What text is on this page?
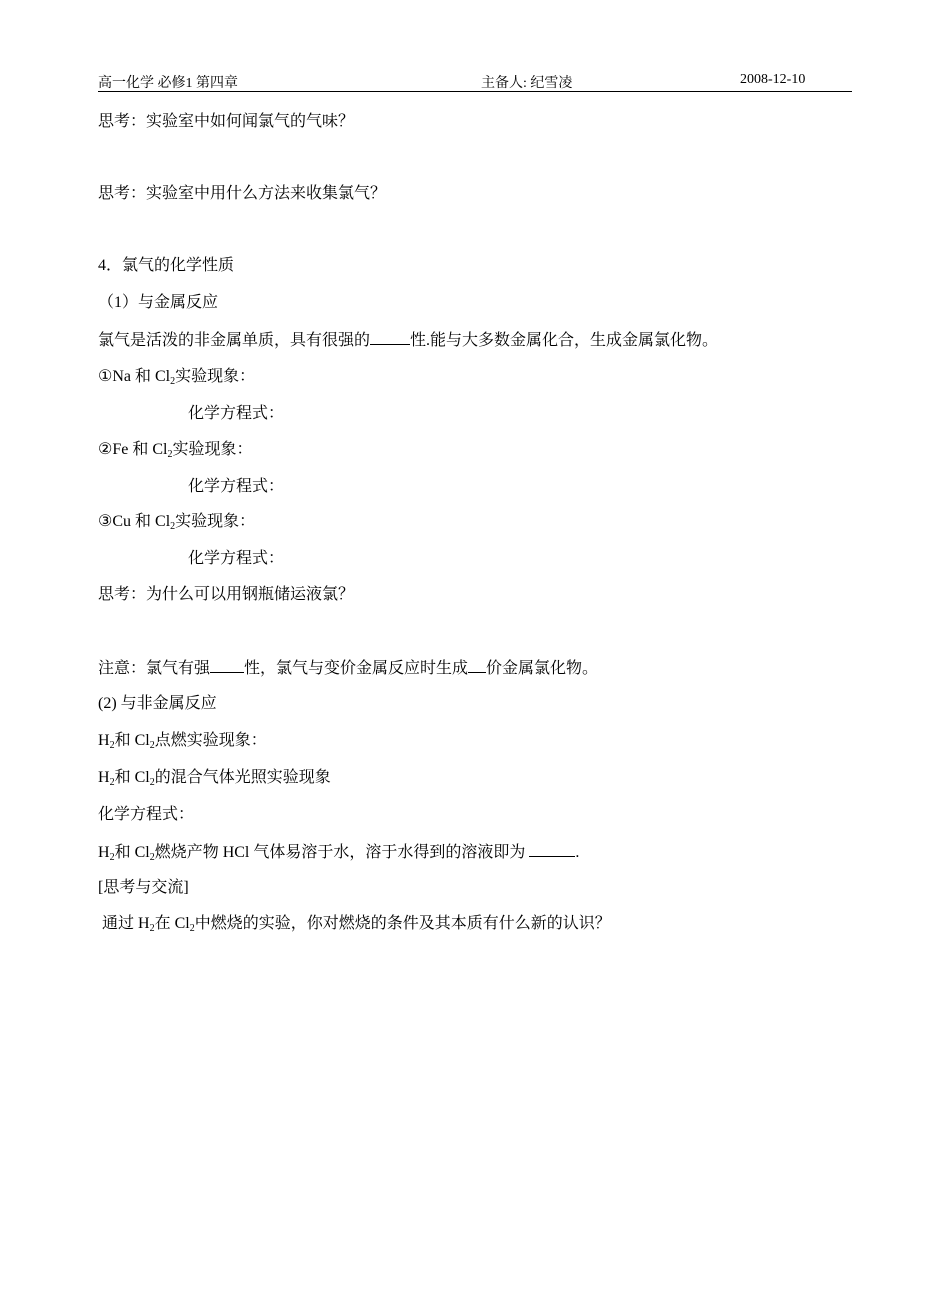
高一化学 必修1 第四章	主备人: 纪雪凌	2008-12-10
思考：实验室中如何闻氯气的气味？
思考：实验室中用什么方法来收集氯气？
4．氯气的化学性质
（1）与金属反应
氯气是活泼的非金属单质，具有很强的	性.能与大多数金属化合，生成金属氯化物。
①Na 和 $Cl_2$实验现象：
化学方程式：
②Fe 和 $Cl_2$实验现象：
化学方程式：
③Cu 和 $Cl_2$实验现象：
化学方程式：
思考：为什么可以用钢瓶储运液氯？
注意：氯气有强 性，氯气与变价金属反应时生成 价金属氯化物。
(2) 与非金属反应
$H_2$和 $Cl_2$点燃实验现象：
$H_2$和 $Cl_2$的混合气体光照实验现象
化学方程式：
$H_2$和 $Cl_2$燃烧产物 HCl 气体易溶于水，溶于水得到的溶液即为	.
[思考与交流]
通过 $H_2$在 $Cl_2$中燃烧的实验，你对燃烧的条件及其本质有什么新的认识？
